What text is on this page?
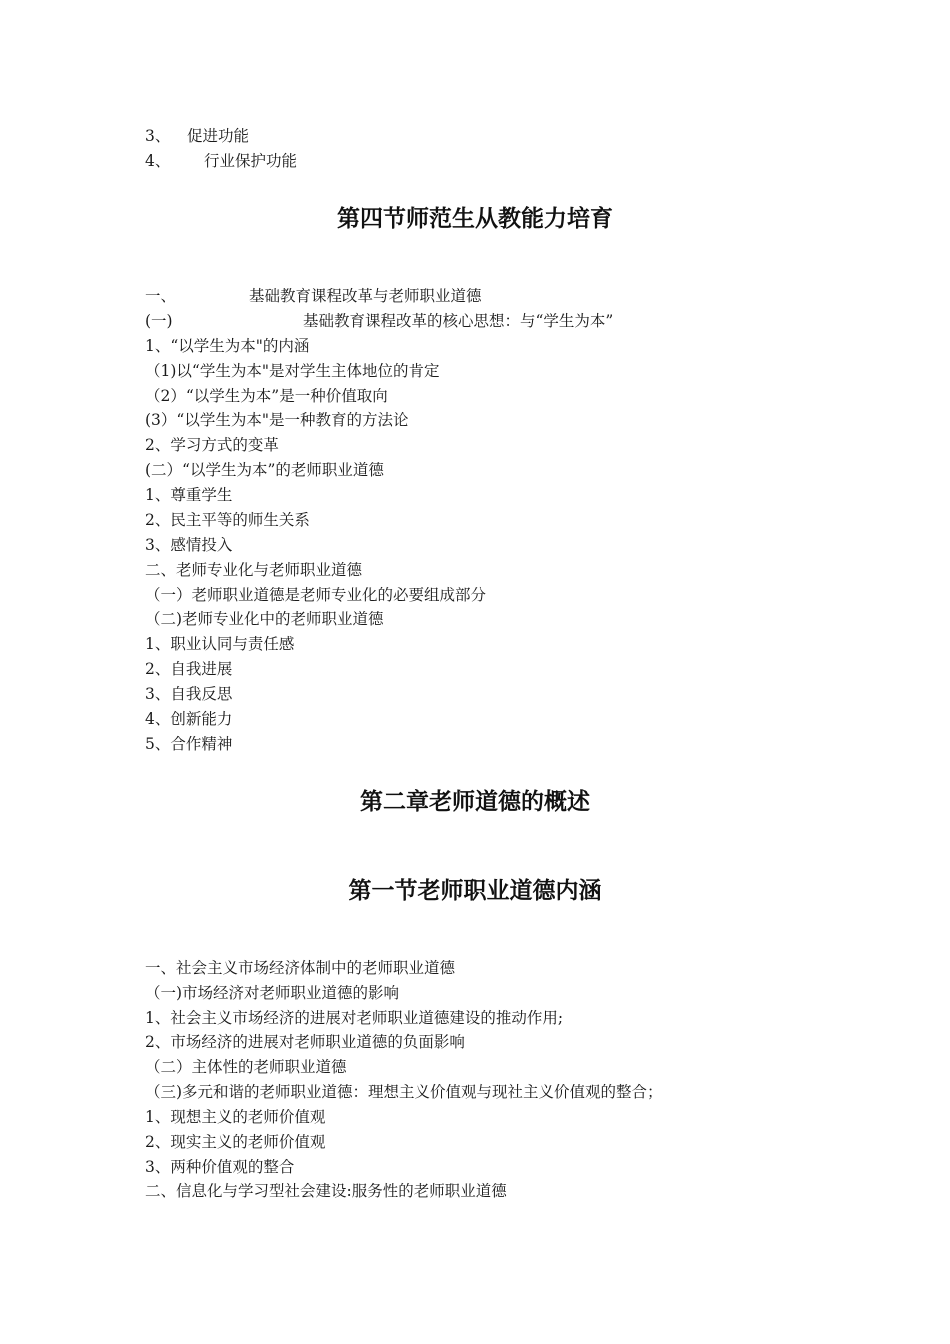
3、 促进功能
4、 行业保护功能
第四节师范生从教能力培育
一、	基础教育课程改革与老师职业道德
(一)	基础教育课程改革的核心思想：与“学生为本”
1、“以学生为本"的内涵
（1)以“学生为本"是对学生主体地位的肯定
（2）“以学生为本”是一种价值取向
(3）“以学生为本"是一种教育的方法论
2、学习方式的变革
(二）“以学生为本”的老师职业道德
1、尊重学生
2、民主平等的师生关系
3、感情投入
二、老师专业化与老师职业道德
（一）老师职业道德是老师专业化的必要组成部分
（二)老师专业化中的老师职业道德
1、职业认同与责任感
2、自我进展
3、自我反思
4、创新能力
5、合作精神
第二章老师道德的概述
第一节老师职业道德内涵
一、社会主义市场经济体制中的老师职业道德
（一)市场经济对老师职业道德的影响
1、社会主义市场经济的进展对老师职业道德建设的推动作用;
2、市场经济的进展对老师职业道德的负面影响
（二）主体性的老师职业道德
（三)多元和谐的老师职业道德：理想主义价值观与现社主义价值观的整合；
1、现想主义的老师价值观
2、现实主义的老师价值观
3、两种价值观的整合
二、信息化与学习型社会建设:服务性的老师职业道德
